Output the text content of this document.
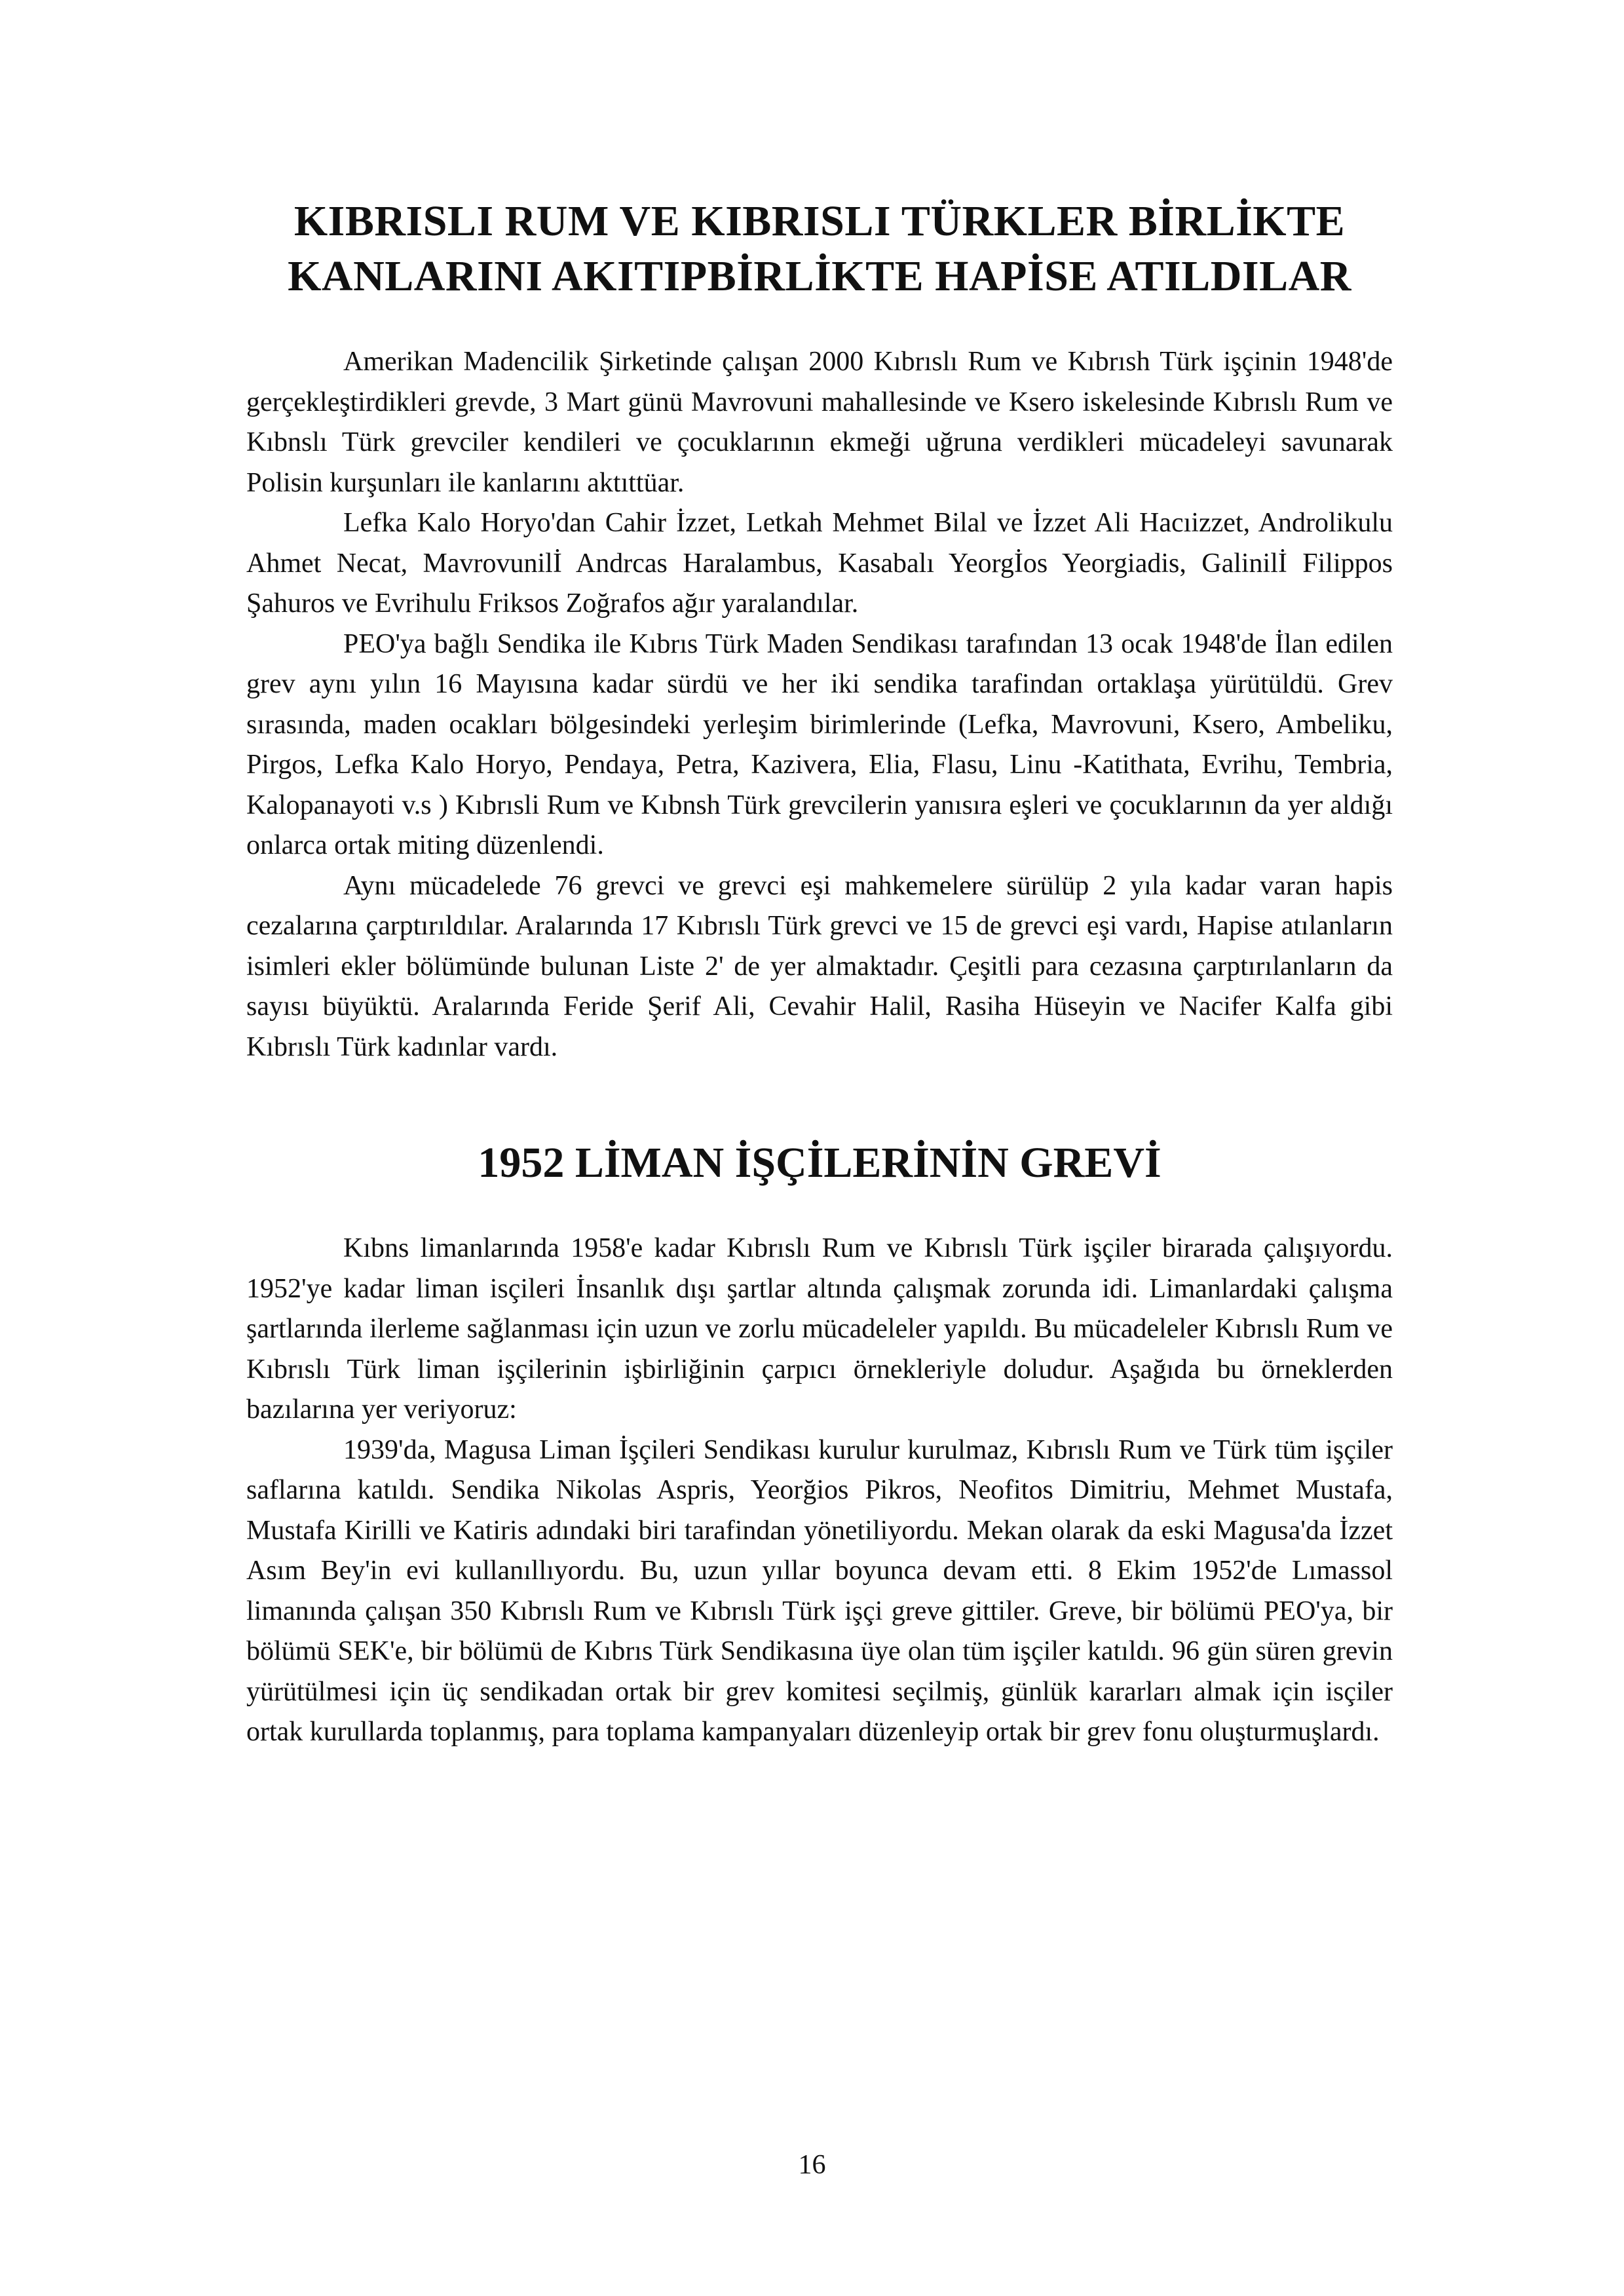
KIBRISLI RUM VE KIBRISLI TÜRKLER BİRLİKTE
KANLARINI AKITIPBİRLİKTE HAPİSE ATILDILAR

Amerikan Madencilik Şirketinde çalışan 2000 Kıbrıslı Rum ve Kıbrısh Türk işçinin 1948'de gerçekleştirdikleri grevde, 3 Mart günü Mavrovuni mahallesinde ve Ksero iskelesinde Kıbrıslı Rum ve Kıbnslı Türk grevciler kendileri ve çocuklarının ekmeği uğruna verdikleri mücadeleyi savunarak Polisin kurşunları ile kanlarını aktıttüar.

Lefka Kalo Horyo'dan Cahir İzzet, Letkah Mehmet Bilal ve İzzet Ali Hacıizzet, Androlikulu Ahmet Necat, Mavrovunilİ Andrcas Haralambus, Kasabalı Yeorgİos Yeorgiadis, Galinilİ Filippos Şahuros ve Evrihulu Friksos Zoğrafos ağır yaralandılar.

PEO'ya bağlı Sendika ile Kıbrıs Türk Maden Sendikası tarafından 13 ocak 1948'de İlan edilen grev aynı yılın 16 Mayısına kadar sürdü ve her iki sendika tarafindan ortaklaşa yürütüldü. Grev sırasında, maden ocakları bölgesindeki yerleşim birimlerinde (Lefka, Mavrovuni, Ksero, Ambeliku, Pirgos, Lefka Kalo Horyo, Pendaya, Petra, Kazivera, Elia, Flasu, Linu -Katithata, Evrihu, Tembria, Kalopanayoti v.s ) Kıbrısli Rum ve Kıbnsh Türk grevcilerin yanısıra eşleri ve çocuklarının da yer aldığı onlarca ortak miting düzenlendi.

Aynı mücadelede 76 grevci ve grevci eşi mahkemelere sürülüp 2 yıla kadar varan hapis cezalarına çarptırıldılar. Aralarında 17 Kıbrıslı Türk grevci ve 15 de grevci eşi vardı, Hapise atılanların isimleri ekler bölümünde bulunan Liste 2' de yer almaktadır. Çeşitli para cezasına çarptırılanların da sayısı büyüktü. Aralarında Feride Şerif Ali, Cevahir Halil, Rasiha Hüseyin ve Nacifer Kalfa gibi Kıbrıslı Türk kadınlar vardı.

1952 LİMAN İŞÇİLERİNİN GREVİ

Kıbns limanlarında 1958'e kadar Kıbrıslı Rum ve Kıbrıslı Türk işçiler birarada çalışıyordu. 1952'ye kadar liman isçileri İnsanlık dışı şartlar altında çalışmak zorunda idi. Limanlardaki çalışma şartlarında ilerleme sağlanması için uzun ve zorlu mücadeleler yapıldı. Bu mücadeleler Kıbrıslı Rum ve Kıbrıslı Türk liman işçilerinin işbirliğinin çarpıcı örnekleriyle doludur. Aşağıda bu örneklerden bazılarına yer veriyoruz:

1939'da, Magusa Liman İşçileri Sendikası kurulur kurulmaz, Kıbrıslı Rum ve Türk tüm işçiler saflarına katıldı. Sendika Nikolas Aspris, Yeorğios Pikros, Neofitos Dimitriu, Mehmet Mustafa, Mustafa Kirilli ve Katiris adındaki biri tarafindan yönetiliyordu. Mekan olarak da eski Magusa'da İzzet Asım Bey'in evi kullanıllıyordu. Bu, uzun yıllar boyunca devam etti. 8 Ekim 1952'de Lımassol limanında çalışan 350 Kıbrıslı Rum ve Kıbrıslı Türk işçi greve gittiler. Greve, bir bölümü PEO'ya, bir bölümü SEK'e, bir bölümü de Kıbrıs Türk Sendikasına üye olan tüm işçiler katıldı. 96 gün süren grevin yürütülmesi için üç sendikadan ortak bir grev komitesi seçilmiş, günlük kararları almak için isçiler ortak kurullarda toplanmış, para toplama kampanyaları düzenleyip ortak bir grev fonu oluşturmuşlardı.

16
